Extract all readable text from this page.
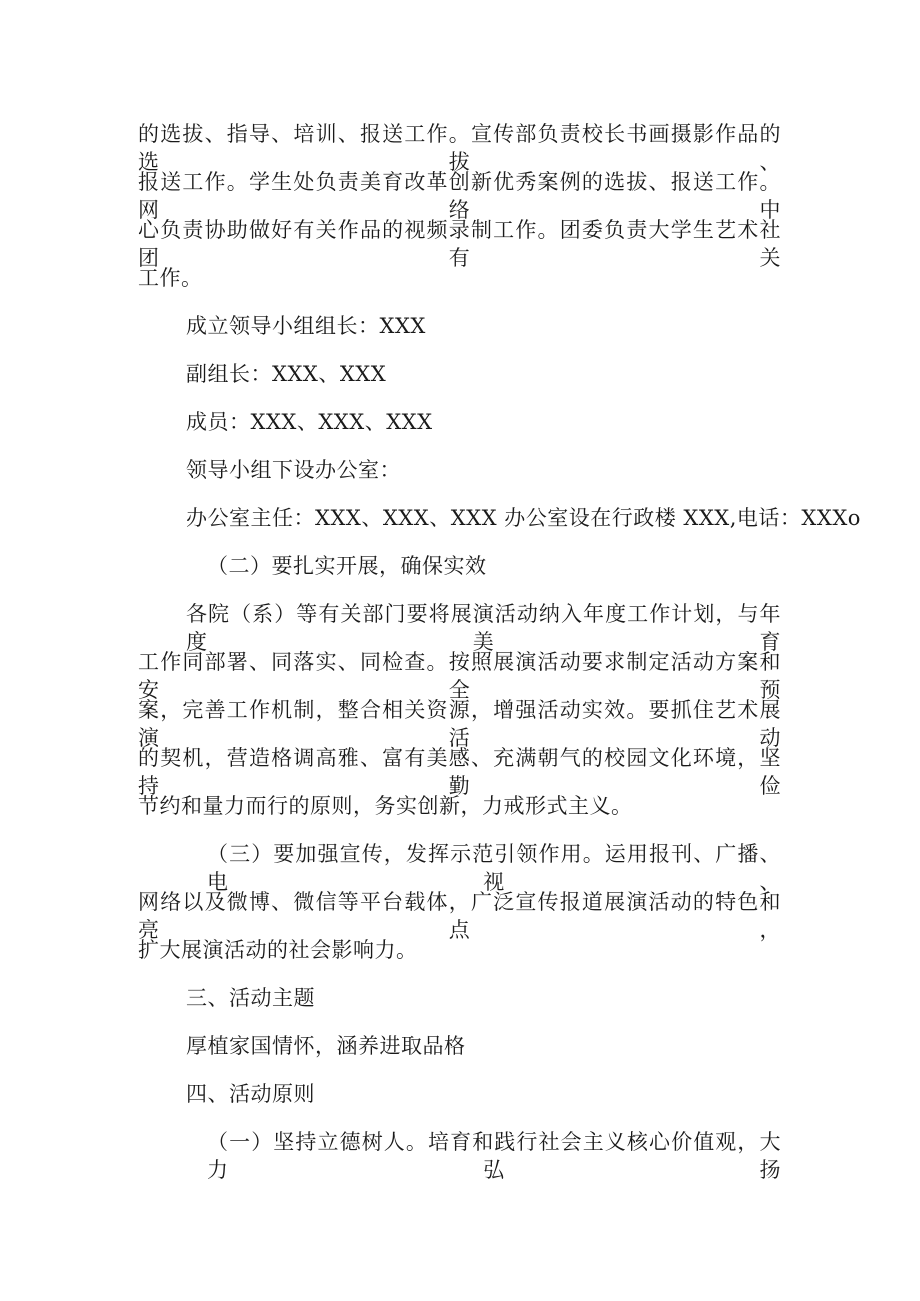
的选拔、指导、培训、报送工作。宣传部负责校长书画摄影作品的选拔、
报送工作。学生处负责美育改革创新优秀案例的选拔、报送工作。网络中
心负责协助做好有关作品的视频录制工作。团委负责大学生艺术社团有关
工作。
成立领导小组组长：XXX
副组长：XXX、XXX
成员：XXX、XXX、XXX
领导小组下设办公室：
办公室主任：XXX、XXX、XXX 办公室设在行政楼 XXX,电话：XXXo
（二）要扎实开展，确保实效
各院（系）等有关部门要将展演活动纳入年度工作计划，与年度美育
工作同部署、同落实、同检查。按照展演活动要求制定活动方案和安全预
案，完善工作机制，整合相关资源，增强活动实效。要抓住艺术展演活动
的契机，营造格调高雅、富有美感、充满朝气的校园文化环境，坚持勤俭
节约和量力而行的原则，务实创新，力戒形式主义。
（三）要加强宣传，发挥示范引领作用。运用报刊、广播、电视、
网络以及微博、微信等平台载体，广泛宣传报道展演活动的特色和亮点，
扩大展演活动的社会影响力。
三、活动主题
厚植家国情怀，涵养进取品格
四、活动原则
（一）坚持立德树人。培育和践行社会主义核心价值观，大力弘扬
